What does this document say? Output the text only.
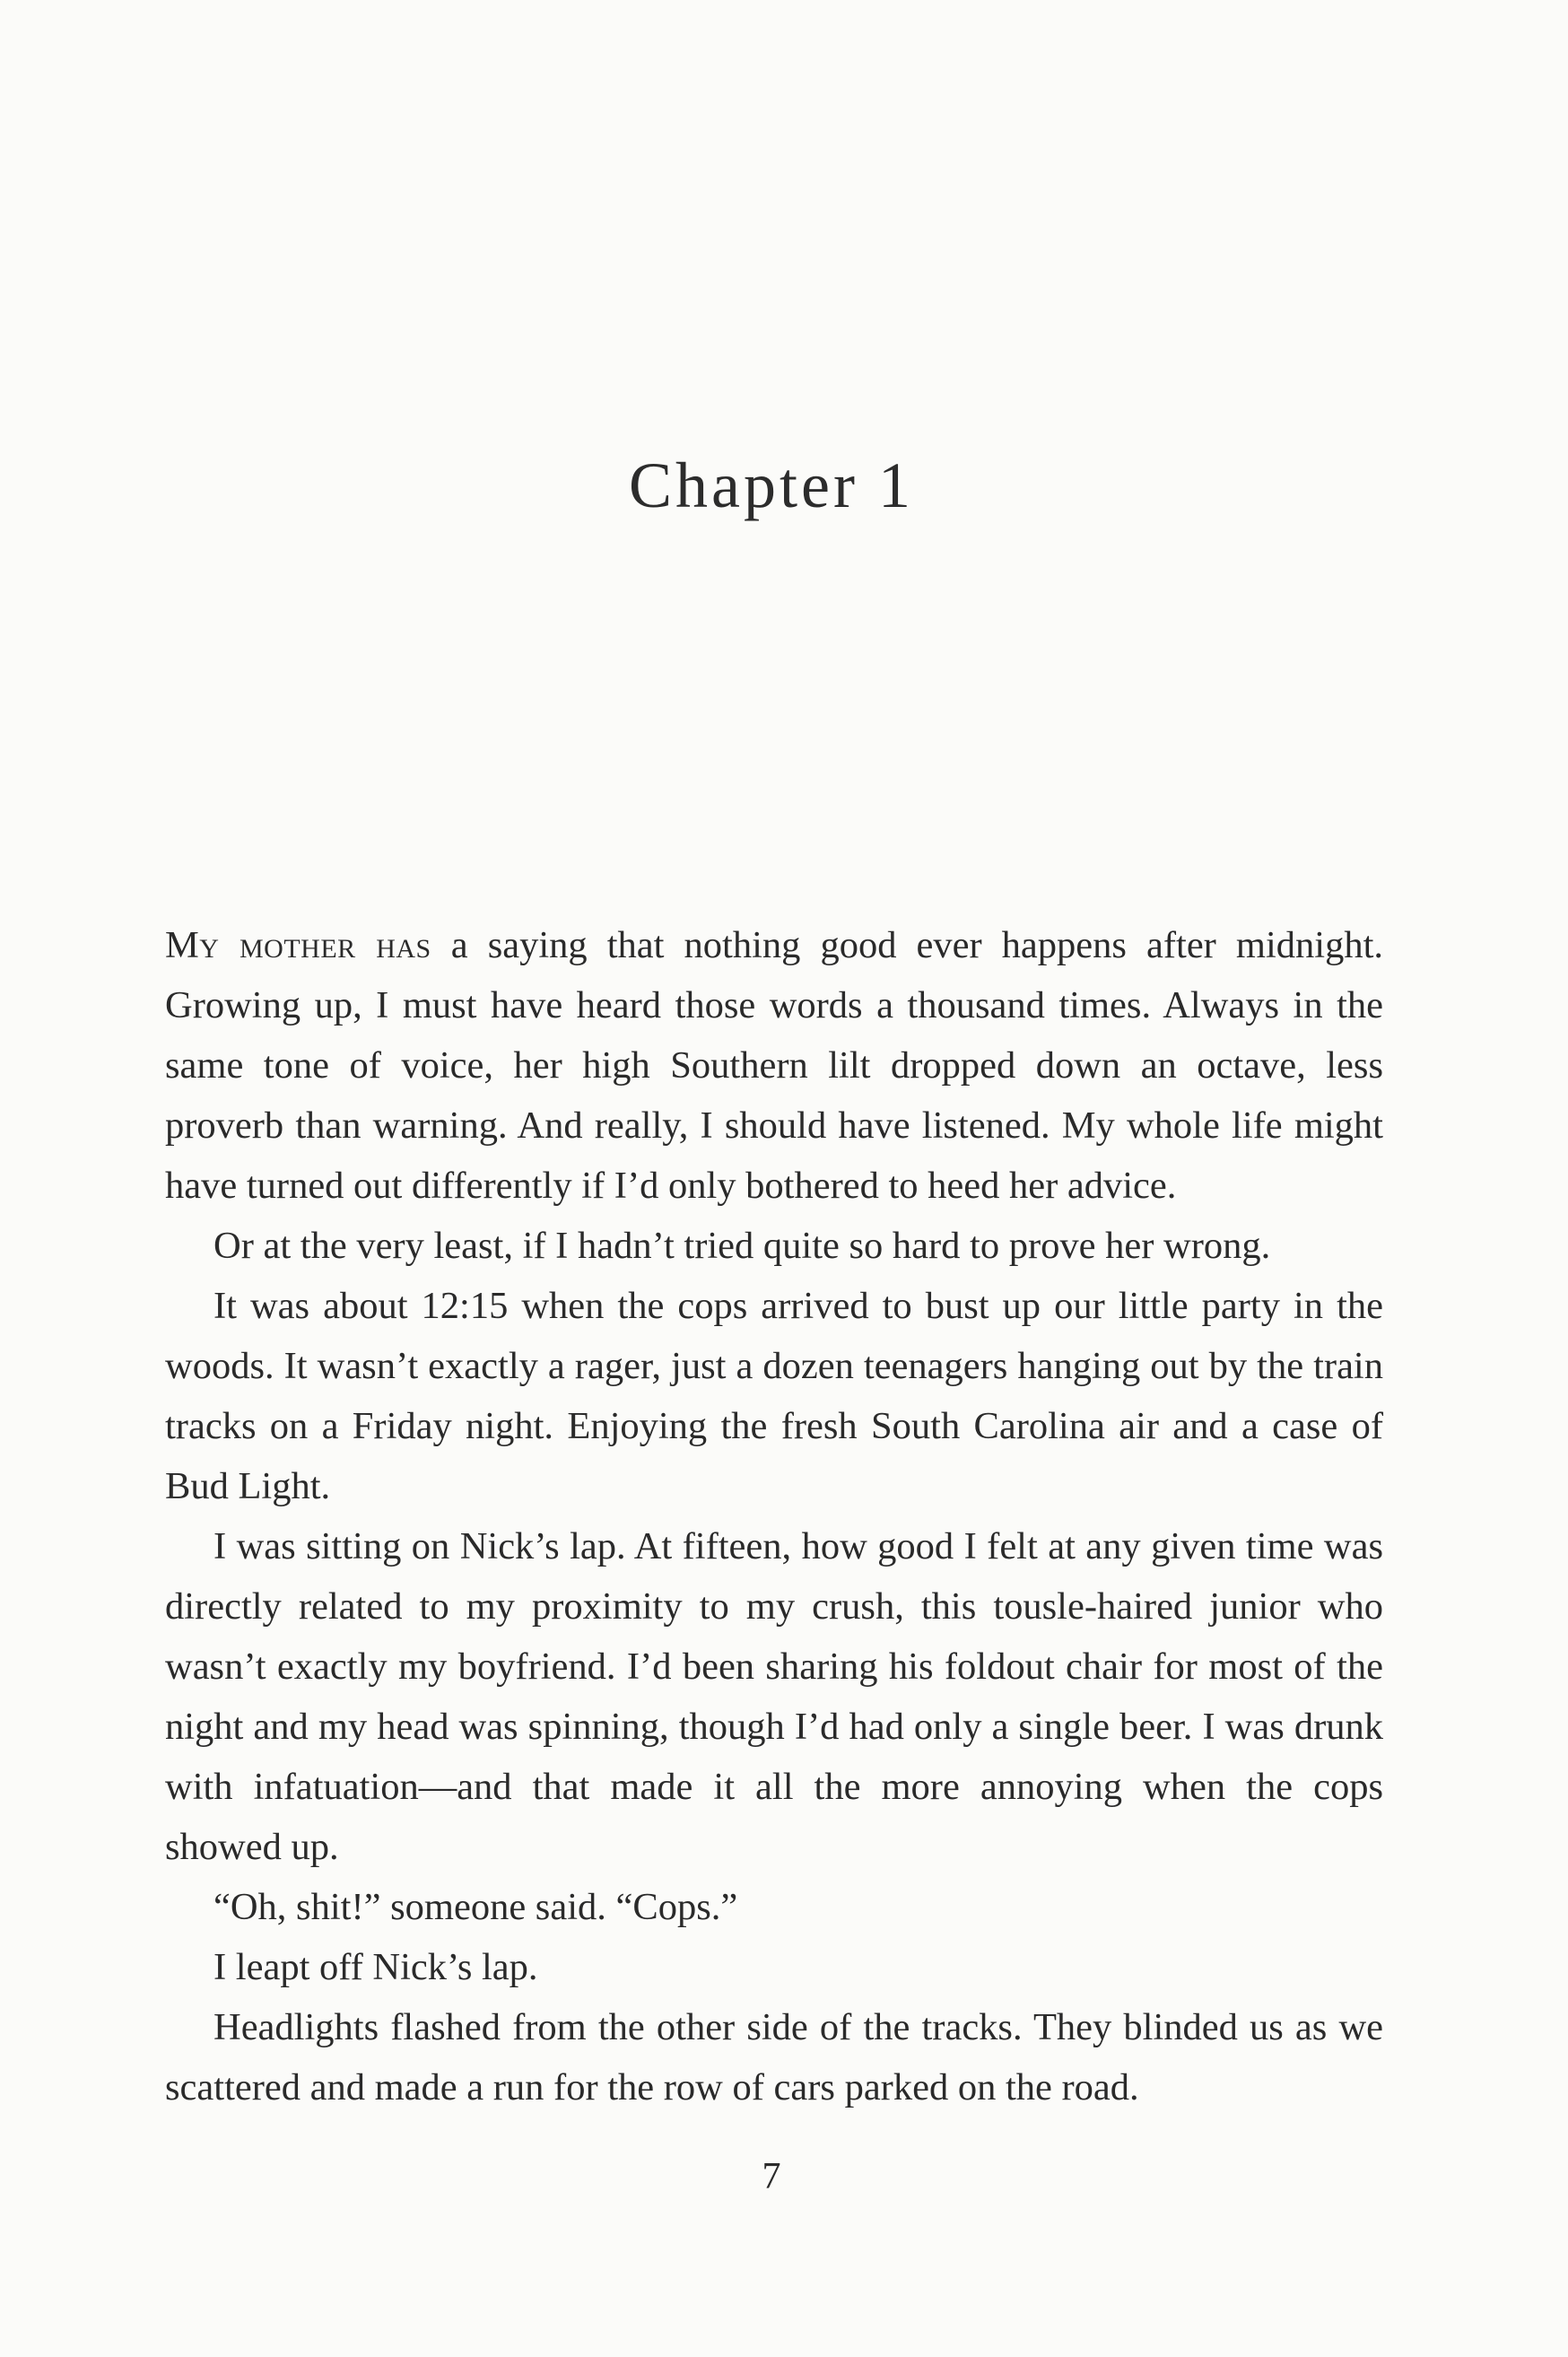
Chapter 1

My mother has a saying that nothing good ever happens after midnight. Growing up, I must have heard those words a thousand times. Always in the same tone of voice, her high Southern lilt dropped down an octave, less proverb than warning. And really, I should have listened. My whole life might have turned out differently if I’d only bothered to heed her advice.

Or at the very least, if I hadn’t tried quite so hard to prove her wrong.

It was about 12:15 when the cops arrived to bust up our little party in the woods. It wasn’t exactly a rager, just a dozen teenagers hanging out by the train tracks on a Friday night. Enjoying the fresh South Carolina air and a case of Bud Light.

I was sitting on Nick’s lap. At fifteen, how good I felt at any given time was directly related to my proximity to my crush, this tousle-haired junior who wasn’t exactly my boyfriend. I’d been sharing his foldout chair for most of the night and my head was spinning, though I’d had only a single beer. I was drunk with infatuation—and that made it all the more annoying when the cops showed up.

“Oh, shit!” someone said. “Cops.”

I leapt off Nick’s lap.

Headlights flashed from the other side of the tracks. They blinded us as we scattered and made a run for the row of cars parked on the road.

7
